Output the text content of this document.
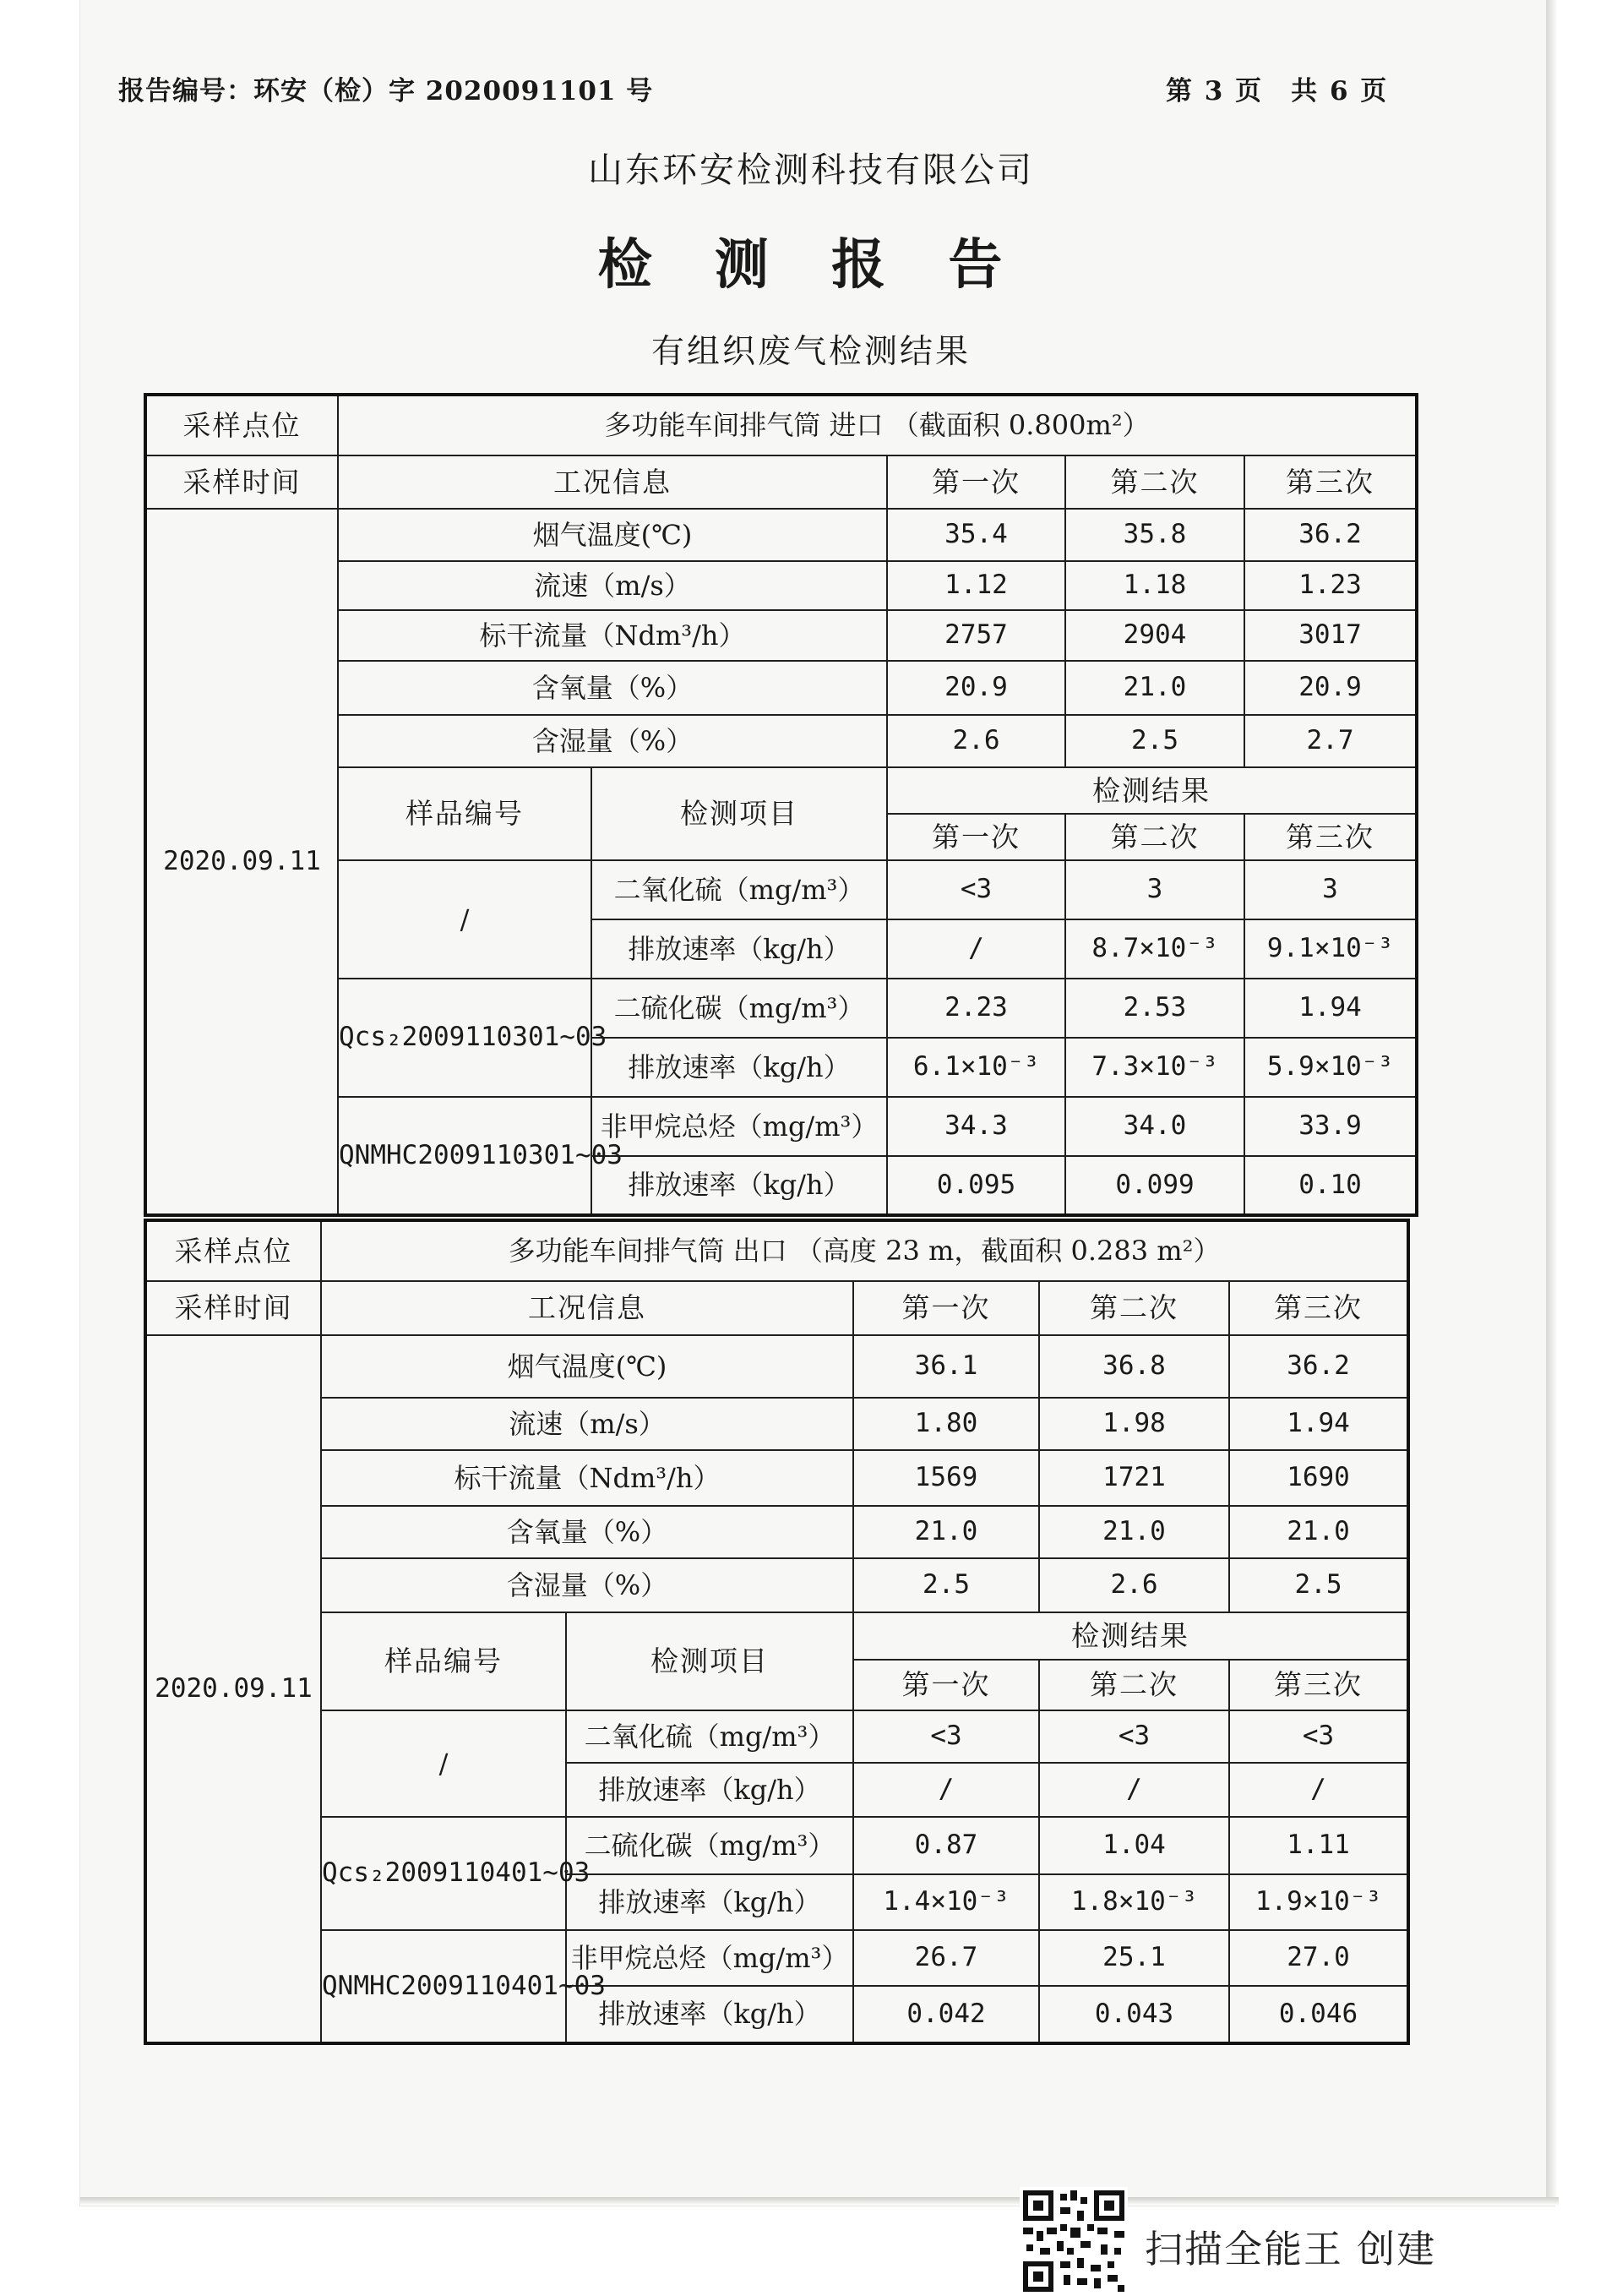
报告编号：环安（检）字 2020091101 号	第 3 页　共 6 页
山东环安检测科技有限公司
检 测 报 告
有组织废气检测结果
采样点位	多功能车间排气筒 进口 （截面积 0.800m²）				
采样时间	工况信息		第一次	第二次	第三次
2020.09.11	烟气温度(℃)		35.4	35.8	36.2
	流速（m/s）		1.12	1.18	1.23
	标干流量（Ndm³/h）		2757	2904	3017
	含氧量（%）		20.9	21.0	20.9
	含湿量（%）		2.6	2.5	2.7
	样品编号	检测项目	检测结果		
			第一次	第二次	第三次
	/	二氧化硫（mg/m³）	<3	3	3
		排放速率（kg/h）	/	8.7×10⁻³	9.1×10⁻³
	Qcs₂2009110301~03	二硫化碳（mg/m³）	2.23	2.53	1.94
		排放速率（kg/h）	6.1×10⁻³	7.3×10⁻³	5.9×10⁻³
	QNMHC2009110301~03	非甲烷总烃（mg/m³）	34.3	34.0	33.9
		排放速率（kg/h）	0.095	0.099	0.10
采样点位	多功能车间排气筒 出口 （高度 23 m，截面积 0.283 m²）				
采样时间	工况信息		第一次	第二次	第三次
2020.09.11	烟气温度(℃)		36.1	36.8	36.2
	流速（m/s）		1.80	1.98	1.94
	标干流量（Ndm³/h）		1569	1721	1690
	含氧量（%）		21.0	21.0	21.0
	含湿量（%）		2.5	2.6	2.5
	样品编号	检测项目	检测结果		
			第一次	第二次	第三次
	/	二氧化硫（mg/m³）	<3	<3	<3
		排放速率（kg/h）	/	/	/
	Qcs₂2009110401~03	二硫化碳（mg/m³）	0.87	1.04	1.11
		排放速率（kg/h）	1.4×10⁻³	1.8×10⁻³	1.9×10⁻³
	QNMHC2009110401~03	非甲烷总烃（mg/m³）	26.7	25.1	27.0
		排放速率（kg/h）	0.042	0.043	0.046
扫描全能王 创建
